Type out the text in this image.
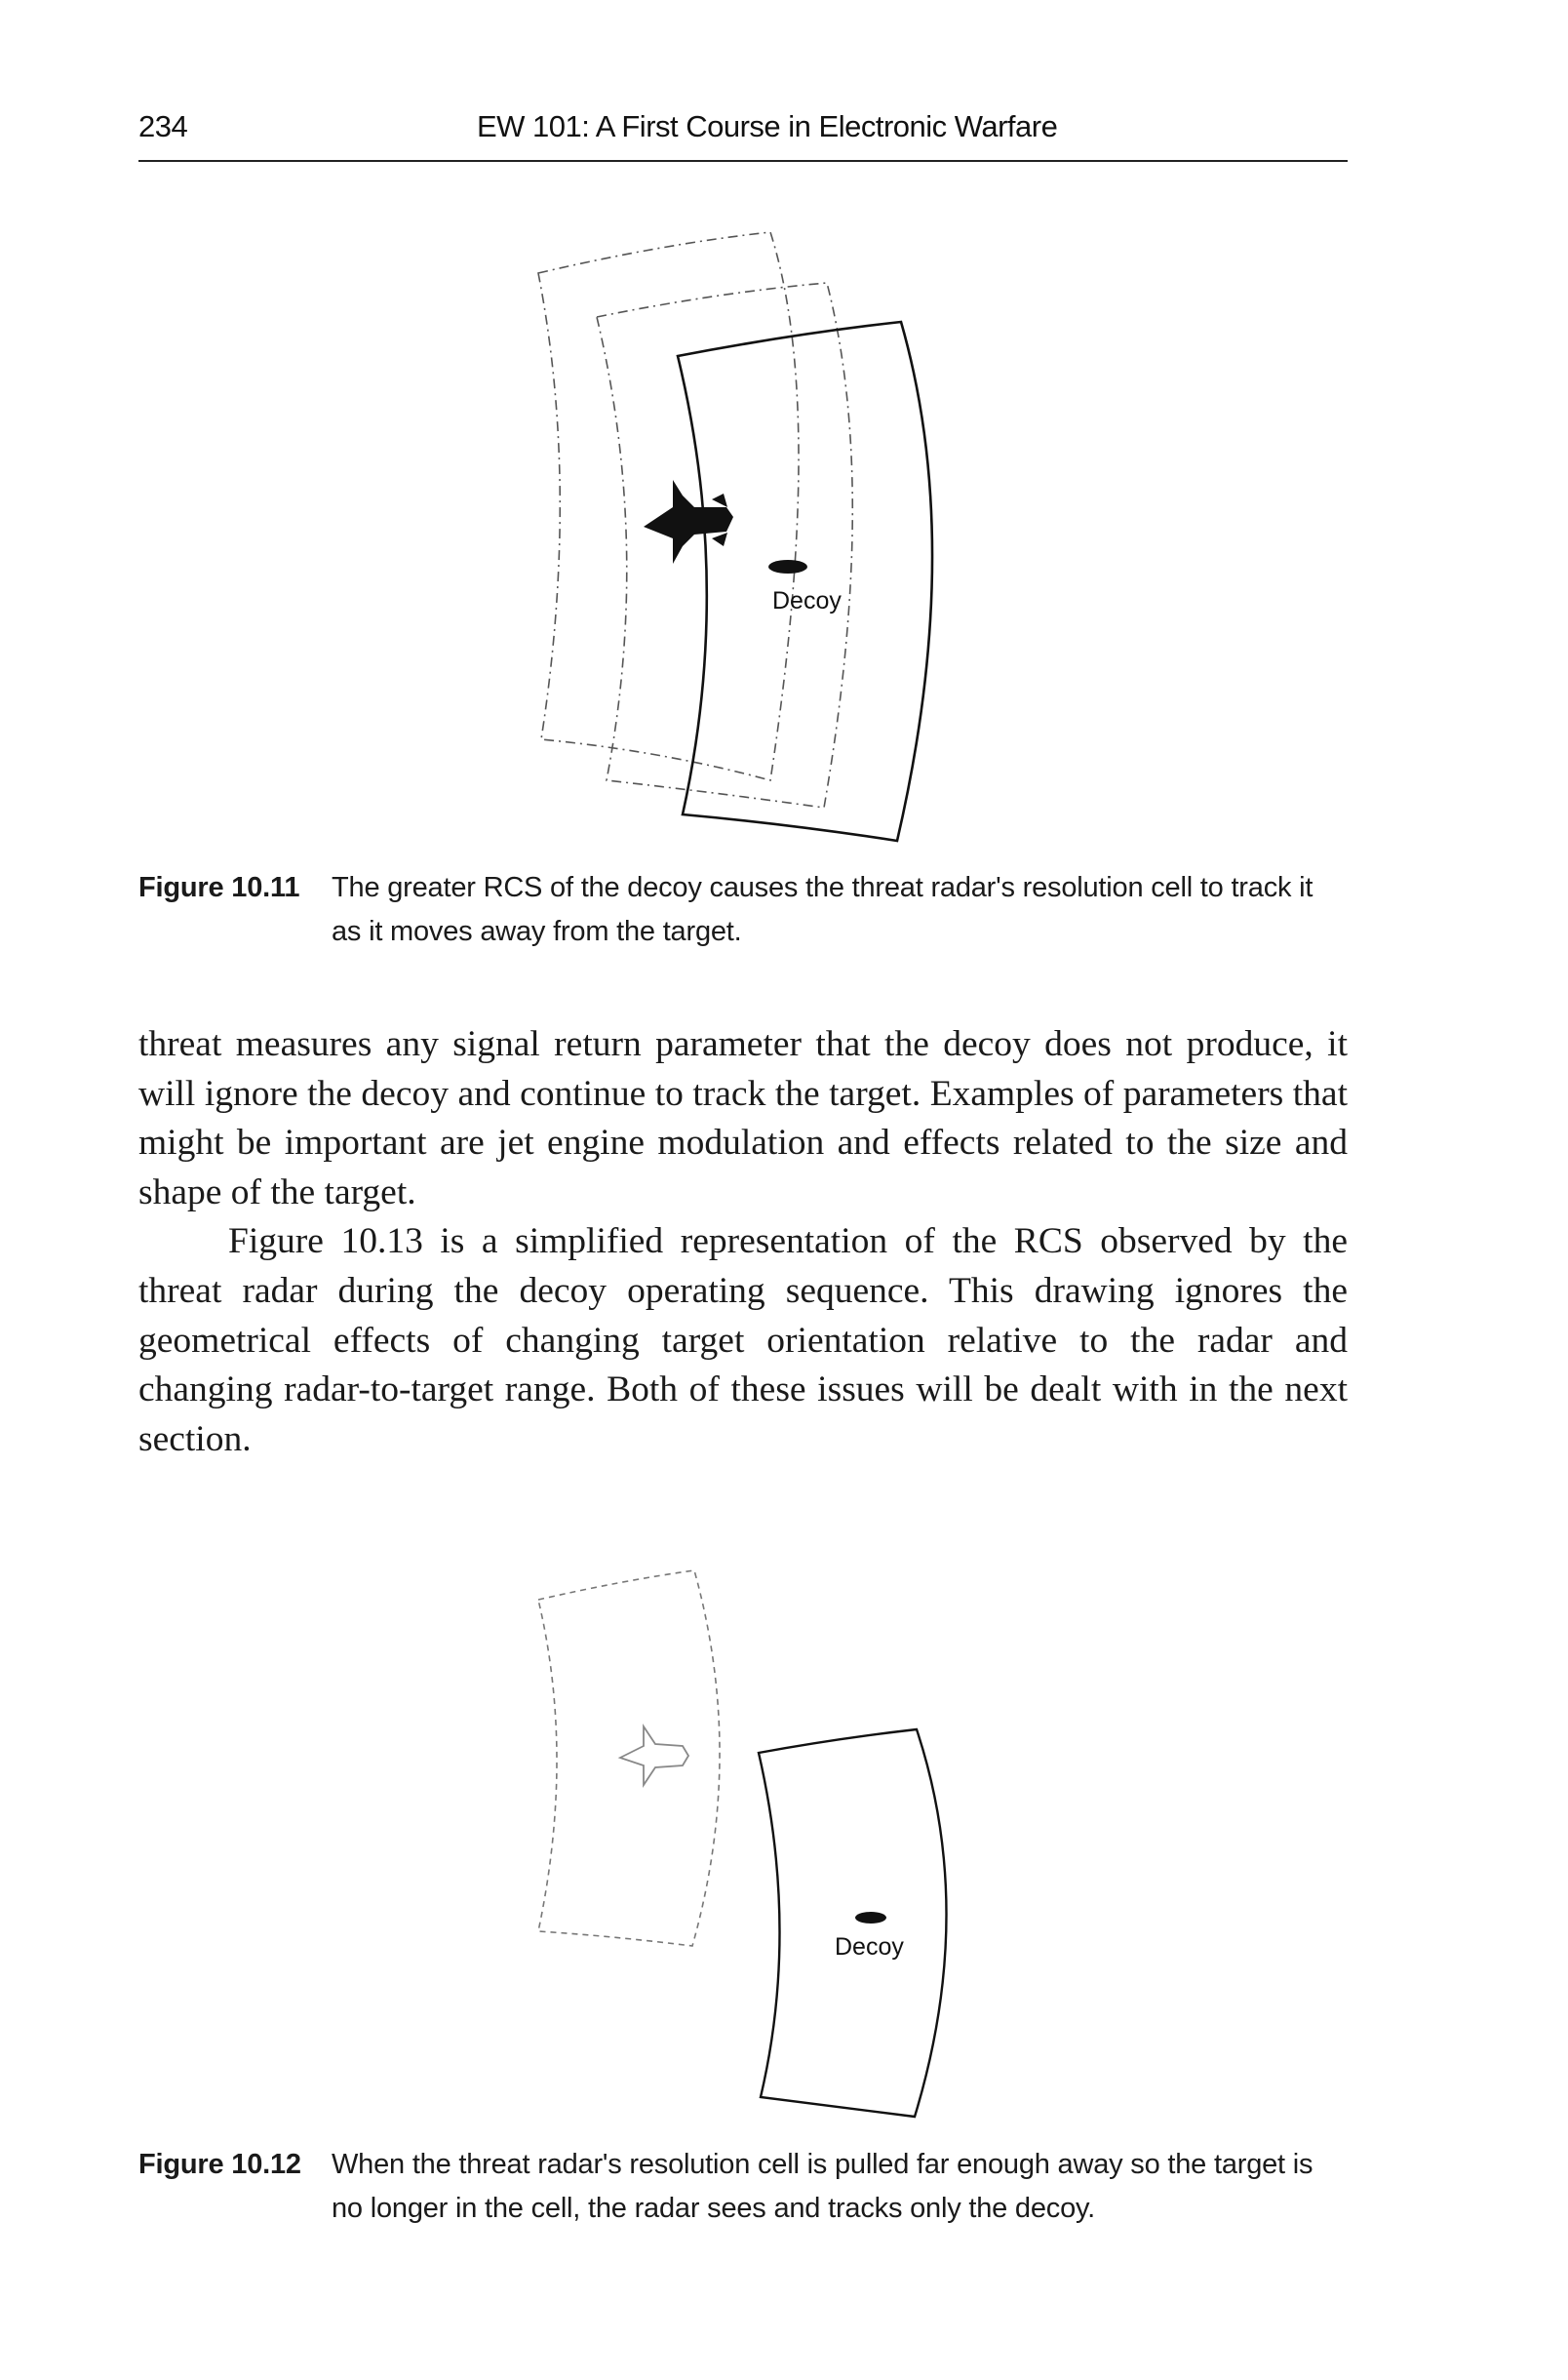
234	EW 101: A First Course in Electronic Warfare
Decoy
Figure 10.11 The greater RCS of the decoy causes the threat radar's resolution cell to track it as it moves away from the target.

threat measures any signal return parameter that the decoy does not produce, it will ignore the decoy and continue to track the target. Examples of parameters that might be important are jet engine modulation and effects related to the size and shape of the target.

Figure 10.13 is a simplified representation of the RCS observed by the threat radar during the decoy operating sequence. This drawing ignores the geometrical effects of changing target orientation relative to the radar and changing radar-to-target range. Both of these issues will be dealt with in the next section.

Decoy
Figure 10.12 When the threat radar's resolution cell is pulled far enough away so the target is no longer in the cell, the radar sees and tracks only the decoy.
